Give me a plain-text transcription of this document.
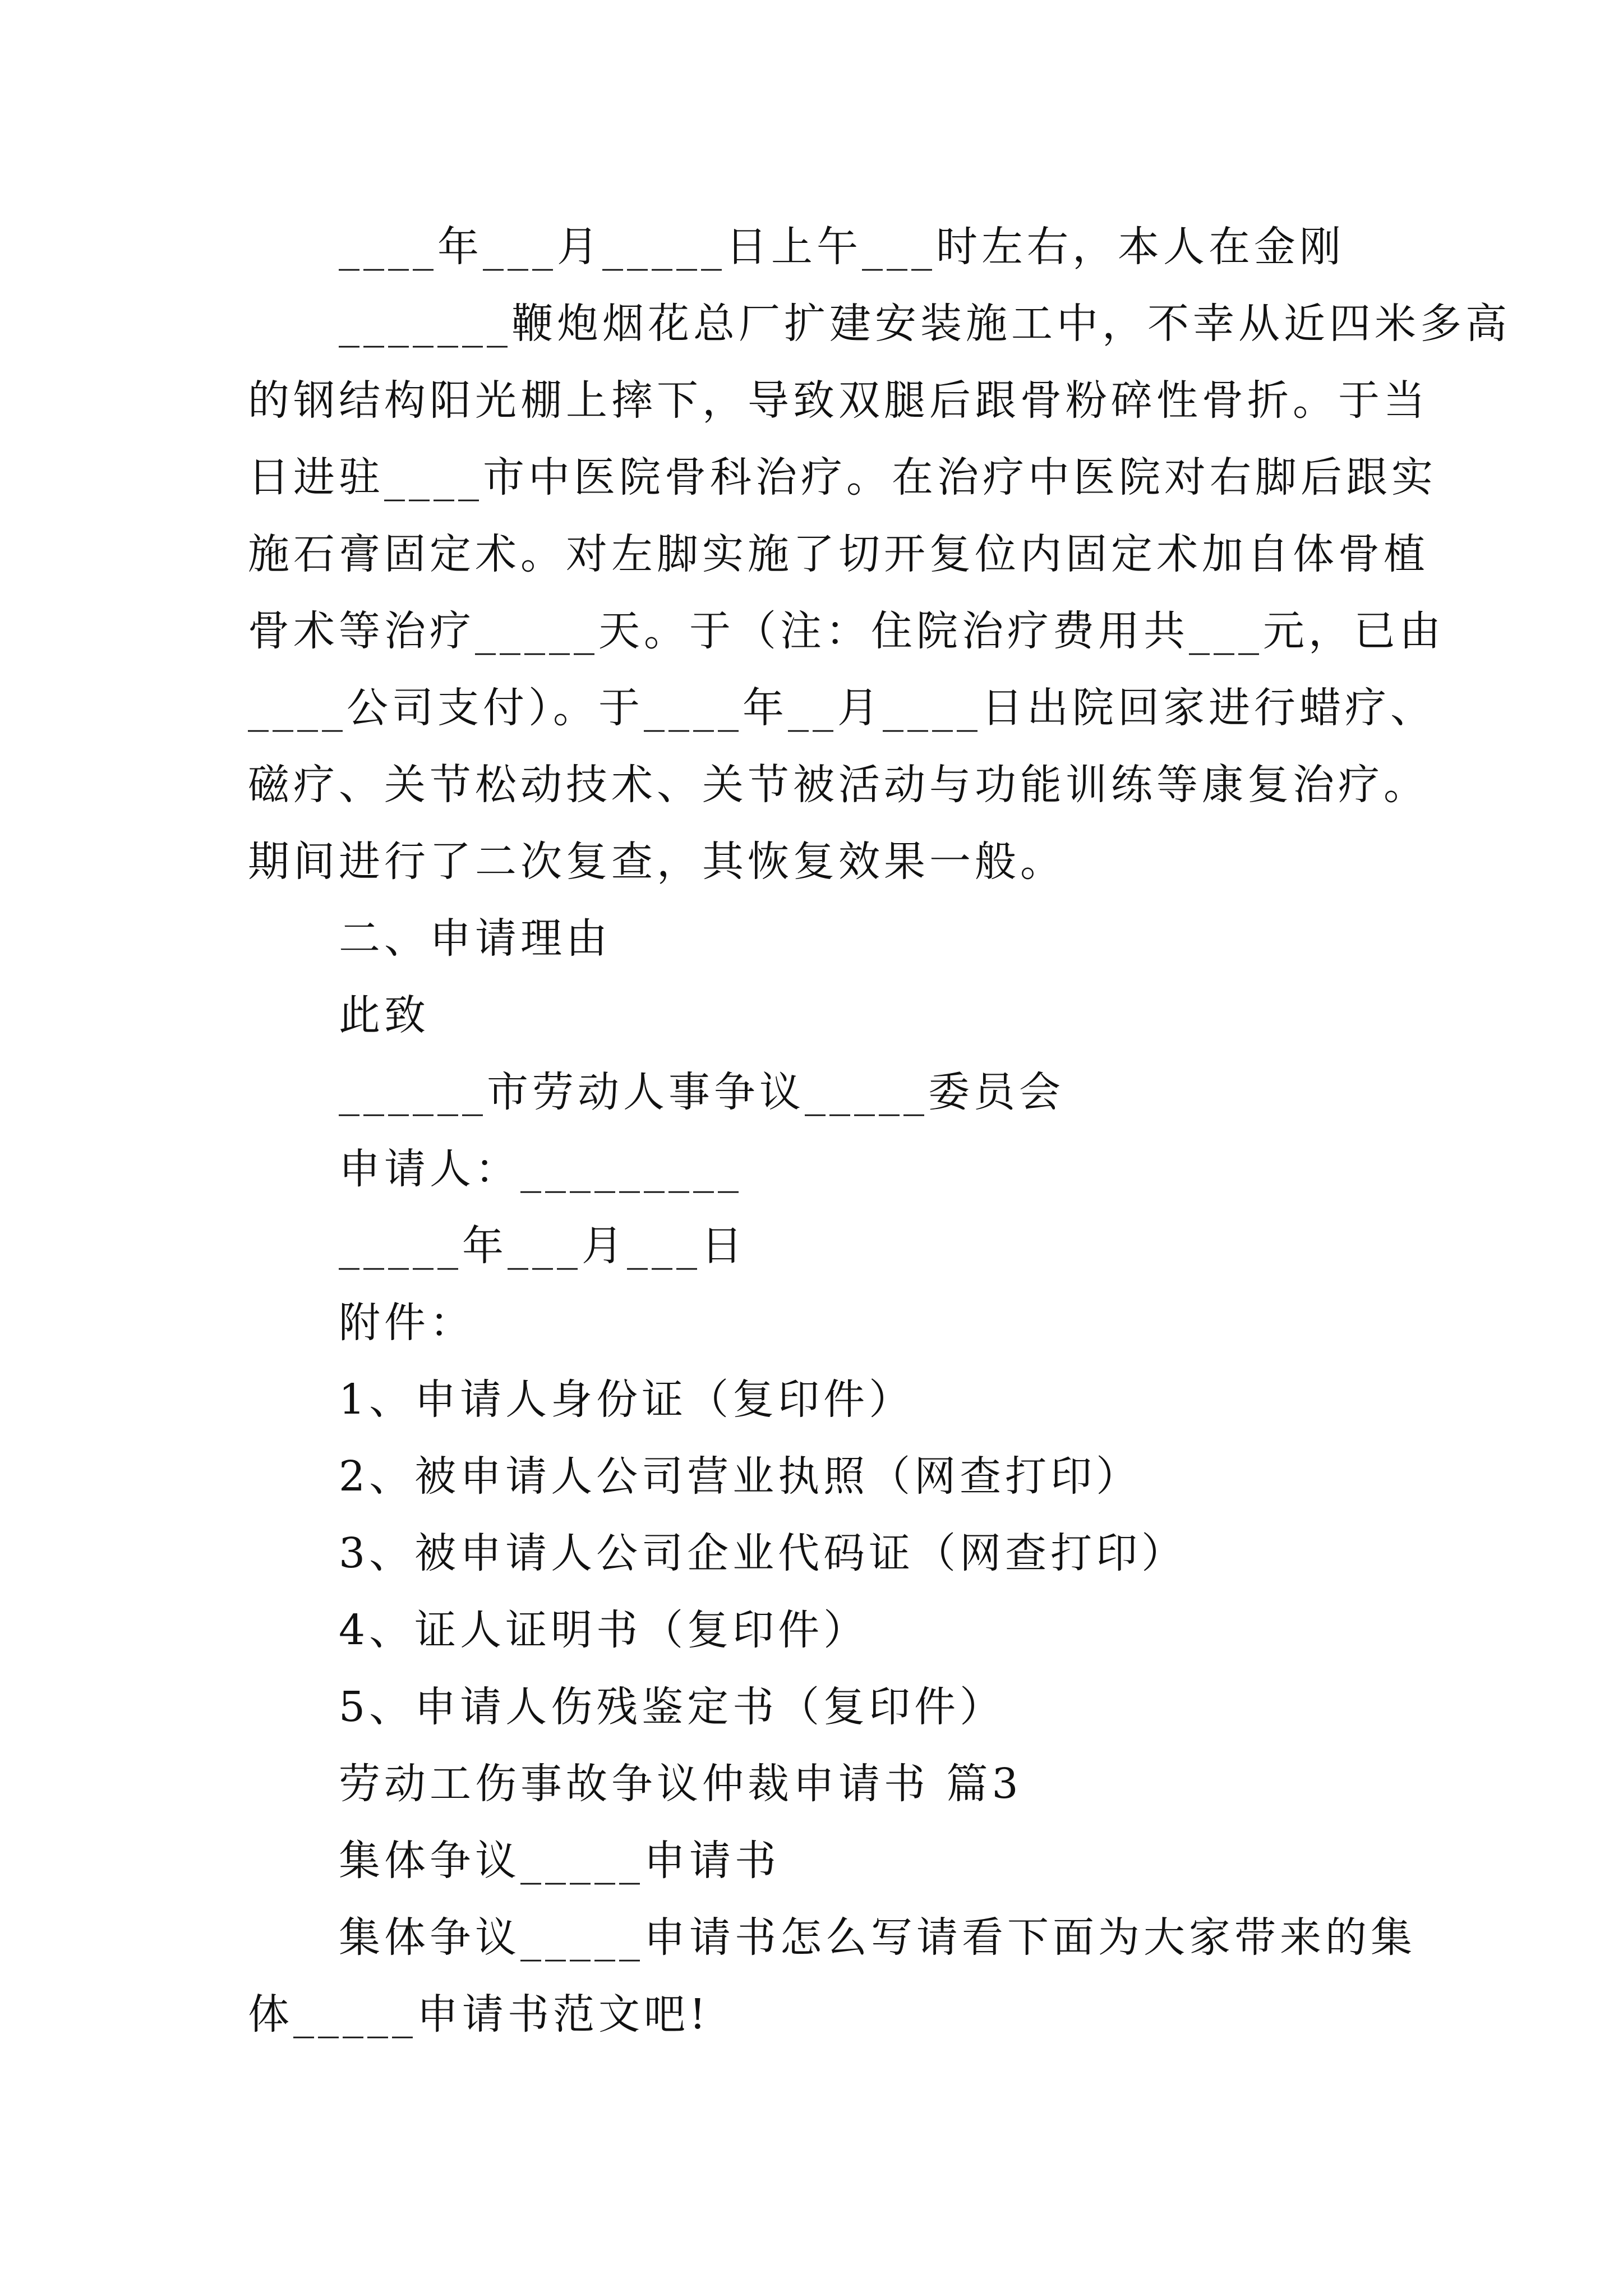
____年___月_____日上午___时左右，本人在金刚

_______鞭炮烟花总厂扩建安装施工中，不幸从近四米多高

的钢结构阳光棚上摔下，导致双腿后跟骨粉碎性骨折。于当

日进驻____市中医院骨科治疗。在治疗中医院对右脚后跟实

施石膏固定术。对左脚实施了切开复位内固定术加自体骨植

骨术等治疗_____天。于（注：住院治疗费用共___元，已由

____公司支付）。于____年__月____日出院回家进行蜡疗、

磁疗、关节松动技术、关节被活动与功能训练等康复治疗。

期间进行了二次复查，其恢复效果一般。

二、申请理由

此致

______市劳动人事争议_____委员会

申请人：_________

_____年___月___日

附件：

1、申请人身份证（复印件）

2、被申请人公司营业执照（网查打印）

3、被申请人公司企业代码证（网查打印）

4、证人证明书（复印件）

5、申请人伤残鉴定书（复印件）

劳动工伤事故争议仲裁申请书 篇3

集体争议_____申请书

集体争议_____申请书怎么写请看下面为大家带来的集

体_____申请书范文吧!
